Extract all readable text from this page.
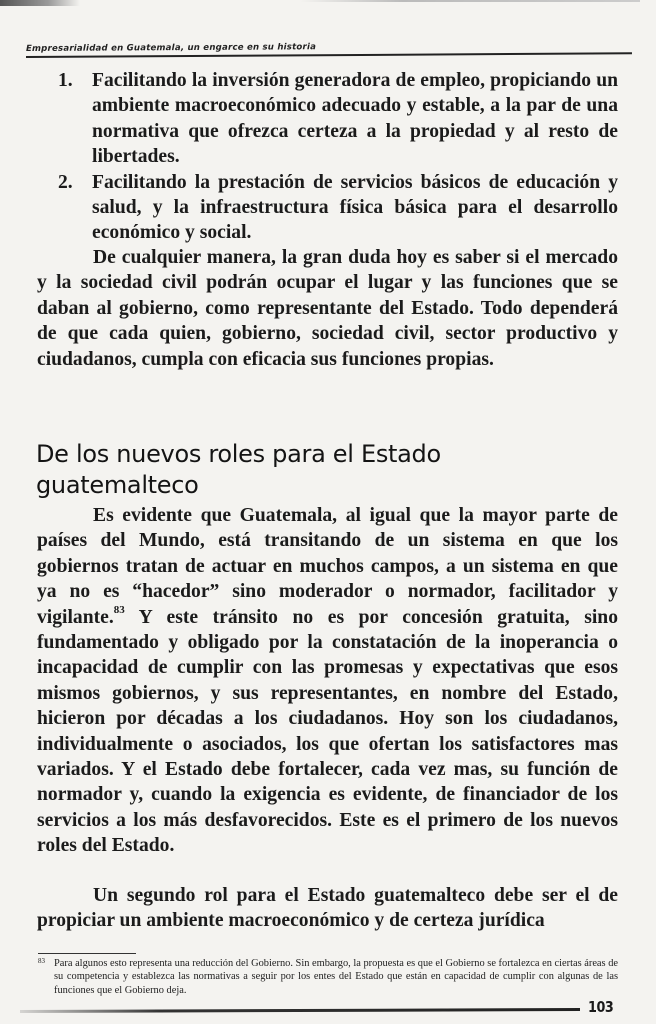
Empresarialidad en Guatemala, un engarce en su historia
1. Facilitando la inversión generadora de empleo, propiciando un ambiente macroeconómico adecuado y estable, a la par de una normativa que ofrezca certeza a la propiedad y al resto de libertades.
2. Facilitando la prestación de servicios básicos de educación y salud, y la infraestructura física básica para el desarrollo económico y social.
De cualquier manera, la gran duda hoy es saber si el mercado y la sociedad civil podrán ocupar el lugar y las funciones que se daban al gobierno, como representante del Estado. Todo dependerá de que cada quien, gobierno, sociedad civil, sector productivo y ciudadanos, cumpla con eficacia sus funciones propias.
De los nuevos roles para el Estado
guatemalteco
Es evidente que Guatemala, al igual que la mayor parte de países del Mundo, está transitando de un sistema en que los gobiernos tratan de actuar en muchos campos, a un sistema en que ya no es “hacedor” sino moderador o normador, facilitador y vigilante.$^{83}$ Y este tránsito no es por concesión gratuita, sino fundamentado y obligado por la constatación de la inoperancia o incapacidad de cumplir con las promesas y expectativas que esos mismos gobiernos, y sus representantes, en nombre del Estado, hicieron por décadas a los ciudadanos. Hoy son los ciudadanos, individualmente o asociados, los que ofertan los satisfactores mas variados. Y el Estado debe fortalecer, cada vez mas, su función de normador y, cuando la exigencia es evidente, de financiador de los servicios a los más desfavorecidos. Este es el primero de los nuevos roles del Estado.
Un segundo rol para el Estado guatemalteco debe ser el de propiciar un ambiente macroeconómico y de certeza jurídica
83 Para algunos esto representa una reducción del Gobierno. Sin embargo, la propuesta es que el Gobierno se fortalezca en ciertas áreas de su competencia y establezca las normativas a seguir por los entes del Estado que están en capacidad de cumplir con algunas de las funciones que el Gobierno deja.
103
